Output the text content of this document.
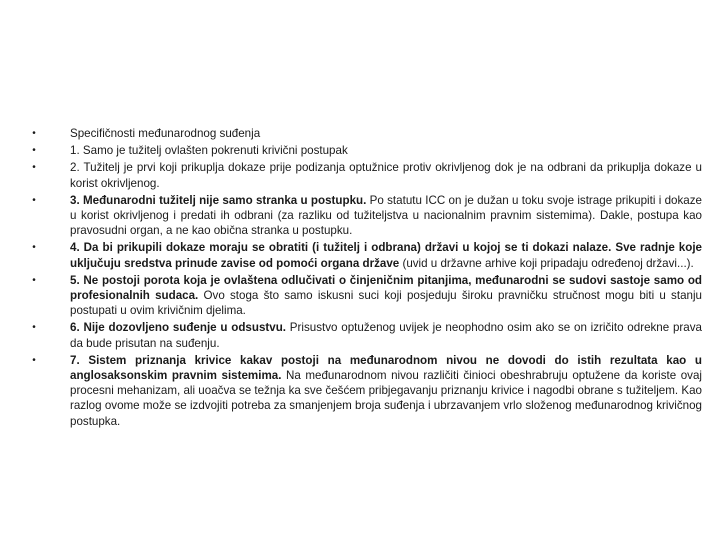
•	Specifičnosti međunarodnog suđenja
•	1. Samo je tužitelj ovlašten pokrenuti krivični postupak
•	2. Tužitelj je prvi koji prikuplja dokaze prije podizanja optužnice protiv okrivljenog dok je na odbrani da prikuplja dokaze u korist okrivljenog.
•	3. Međunarodni tužitelj nije samo stranka u postupku. Po statutu ICC on je dužan u toku svoje istrage prikupiti i dokaze u korist okrivljenog i predati ih odbrani (za razliku od tužiteljstva u nacionalnim pravnim sistemima). Dakle, postupa kao pravosudni organ, a ne kao obična stranka u postupku.
•	4. Da bi prikupili dokaze moraju se obratiti (i tužitelj i odbrana) državi u kojoj se ti dokazi nalaze. Sve radnje koje uključuju sredstva prinude zavise od pomoći organa države (uvid u državne arhive koji pripadaju određenoj državi...).
•	5. Ne postoji porota koja je ovlaštena odlučivati o činjeničnim pitanjima, međunarodni se sudovi sastoje samo od profesionalnih sudaca. Ovo stoga što samo iskusni suci koji posjeduju široku pravničku stručnost mogu biti u stanju postupati u ovim krivičnim djelima.
•	6. Nije dozovljeno suđenje u odsustvu. Prisustvo optuženog uvijek je neophodno osim ako se on izričito odrekne prava da bude prisutan na suđenju.
•	7. Sistem priznanja krivice kakav postoji na međunarodnom nivou ne dovodi do istih rezultata kao u anglosaksonskim pravnim sistemima. Na međunarodnom nivou različiti činioci obeshrabruju optužene da koriste ovaj procesni mehanizam, ali uoačva se težnja ka sve češćem pribjegavanju priznanju krivice i nagodbi obrane s tužiteljem. Kao razlog ovome može se izdvojiti potreba za smanjenjem broja suđenja i ubrzavanjem vrlo složenog međunarodnog krivičnog postupka.
